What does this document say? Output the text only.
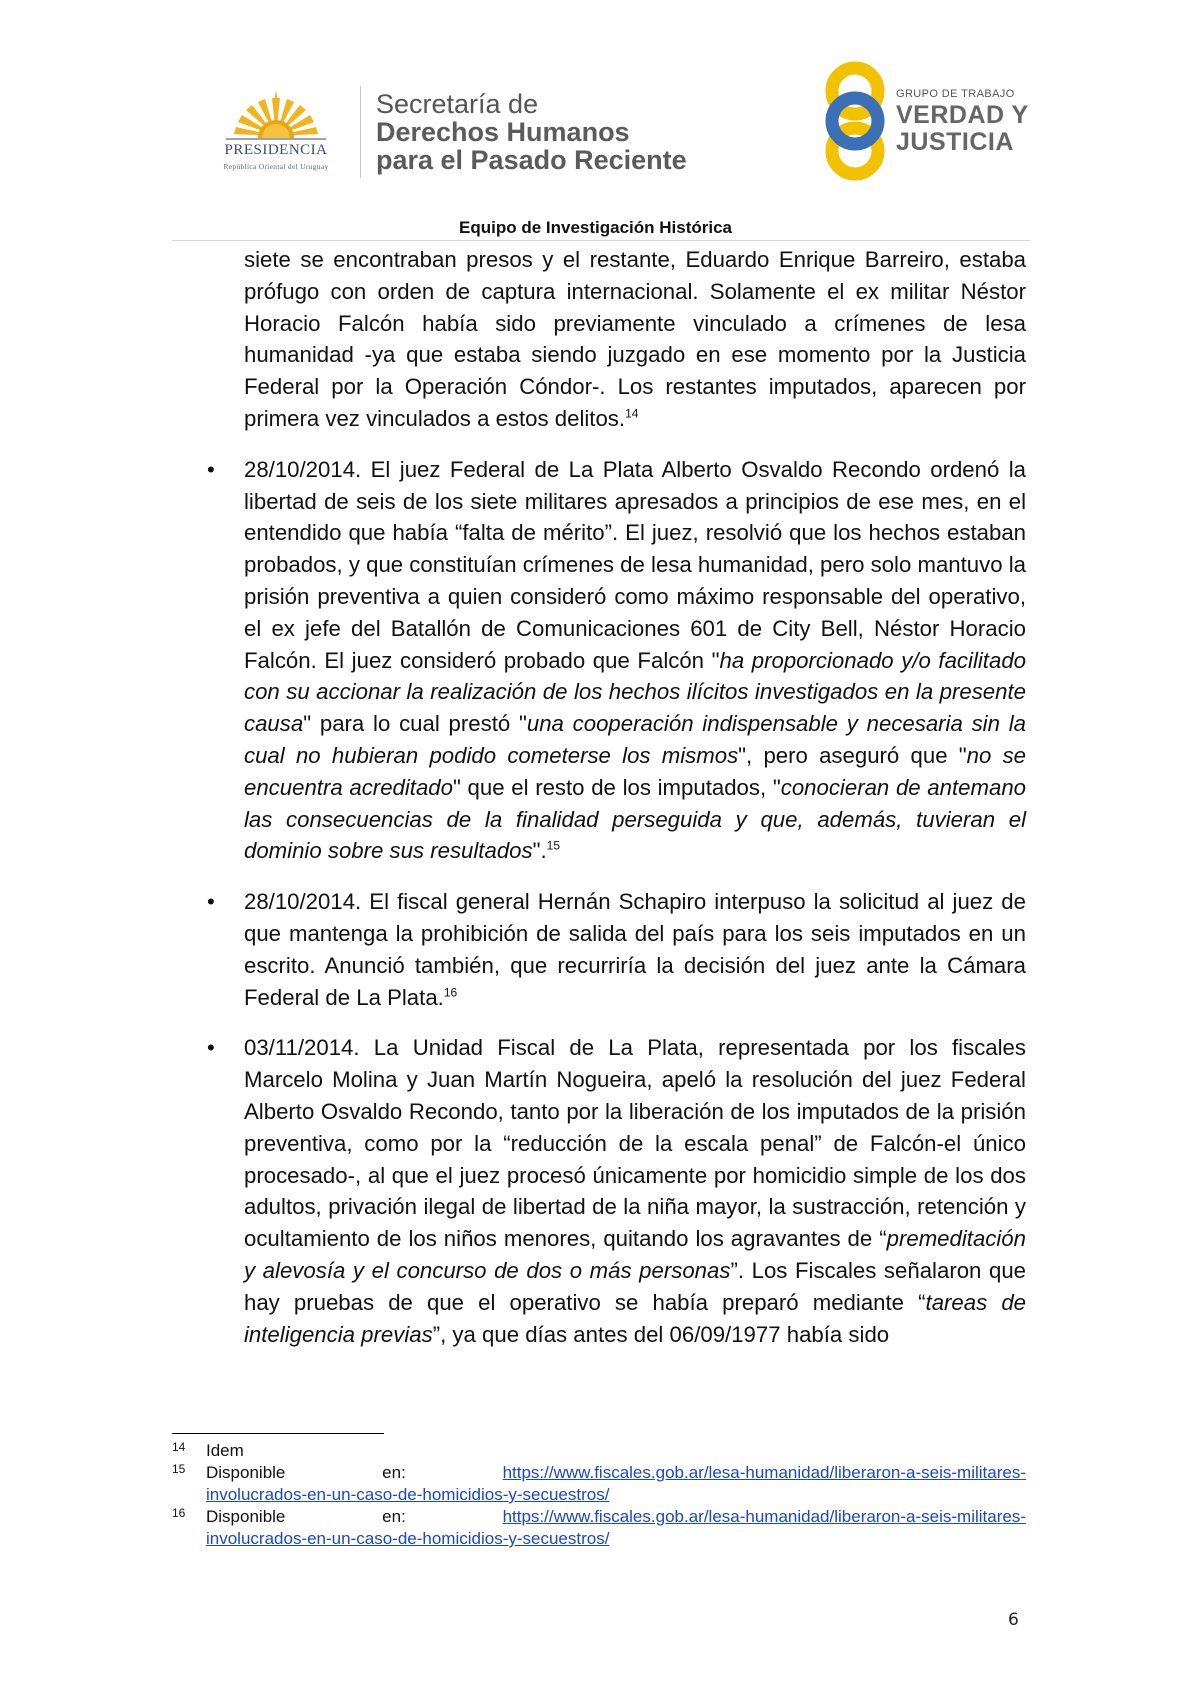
PRESIDENCIA
República Oriental del Uruguay
Secretaría de
Derechos Humanos
para el Pasado Reciente
GRUPO DE TRABAJO
VERDAD Y
JUSTICIA
Equipo de Investigación Histórica

siete se encontraban presos y el restante, Eduardo Enrique Barreiro, estaba prófugo con orden de captura internacional. Solamente el ex militar Néstor Horacio Falcón había sido previamente vinculado a crímenes de lesa humanidad -ya que estaba siendo juzgado en ese momento por la Justicia Federal por la Operación Cóndor-. Los restantes imputados, aparecen por primera vez vinculados a estos delitos.$^{14}$

• 28/10/2014. El juez Federal de La Plata Alberto Osvaldo Recondo ordenó la libertad de seis de los siete militares apresados a principios de ese mes, en el entendido que había “falta de mérito”. El juez, resolvió que los hechos estaban probados, y que constituían crímenes de lesa humanidad, pero solo mantuvo la prisión preventiva a quien consideró como máximo responsable del operativo, el ex jefe del Batallón de Comunicaciones 601 de City Bell, Néstor Horacio Falcón. El juez consideró probado que Falcón "ha proporcionado y/o facilitado con su accionar la realización de los hechos ilícitos investigados en la presente causa" para lo cual prestó "una cooperación indispensable y necesaria sin la cual no hubieran podido cometerse los mismos", pero aseguró que "no se encuentra acreditado" que el resto de los imputados, "conocieran de antemano las consecuencias de la finalidad perseguida y que, además, tuvieran el dominio sobre sus resultados".$^{15}$

• 28/10/2014. El fiscal general Hernán Schapiro interpuso la solicitud al juez de que mantenga la prohibición de salida del país para los seis imputados en un escrito. Anunció también, que recurriría la decisión del juez ante la Cámara Federal de La Plata.$^{16}$

• 03/11/2014. La Unidad Fiscal de La Plata, representada por los fiscales Marcelo Molina y Juan Martín Nogueira, apeló la resolución del juez Federal Alberto Osvaldo Recondo, tanto por la liberación de los imputados de la prisión preventiva, como por la “reducción de la escala penal” de Falcón-el único procesado-, al que el juez procesó únicamente por homicidio simple de los dos adultos, privación ilegal de libertad de la niña mayor, la sustracción, retención y ocultamiento de los niños menores, quitando los agravantes de “premeditación y alevosía y el concurso de dos o más personas”. Los Fiscales señalaron que hay pruebas de que el operativo se había preparó mediante “tareas de inteligencia previas”, ya que días antes del 06/09/1977 había sido

14 Idem
15 Disponible	en:	https://www.fiscales.gob.ar/lesa-humanidad/liberaron-a-seis-militares-
involucrados-en-un-caso-de-homicidios-y-secuestros/
16 Disponible	en:	https://www.fiscales.gob.ar/lesa-humanidad/liberaron-a-seis-militares-
involucrados-en-un-caso-de-homicidios-y-secuestros/
6
